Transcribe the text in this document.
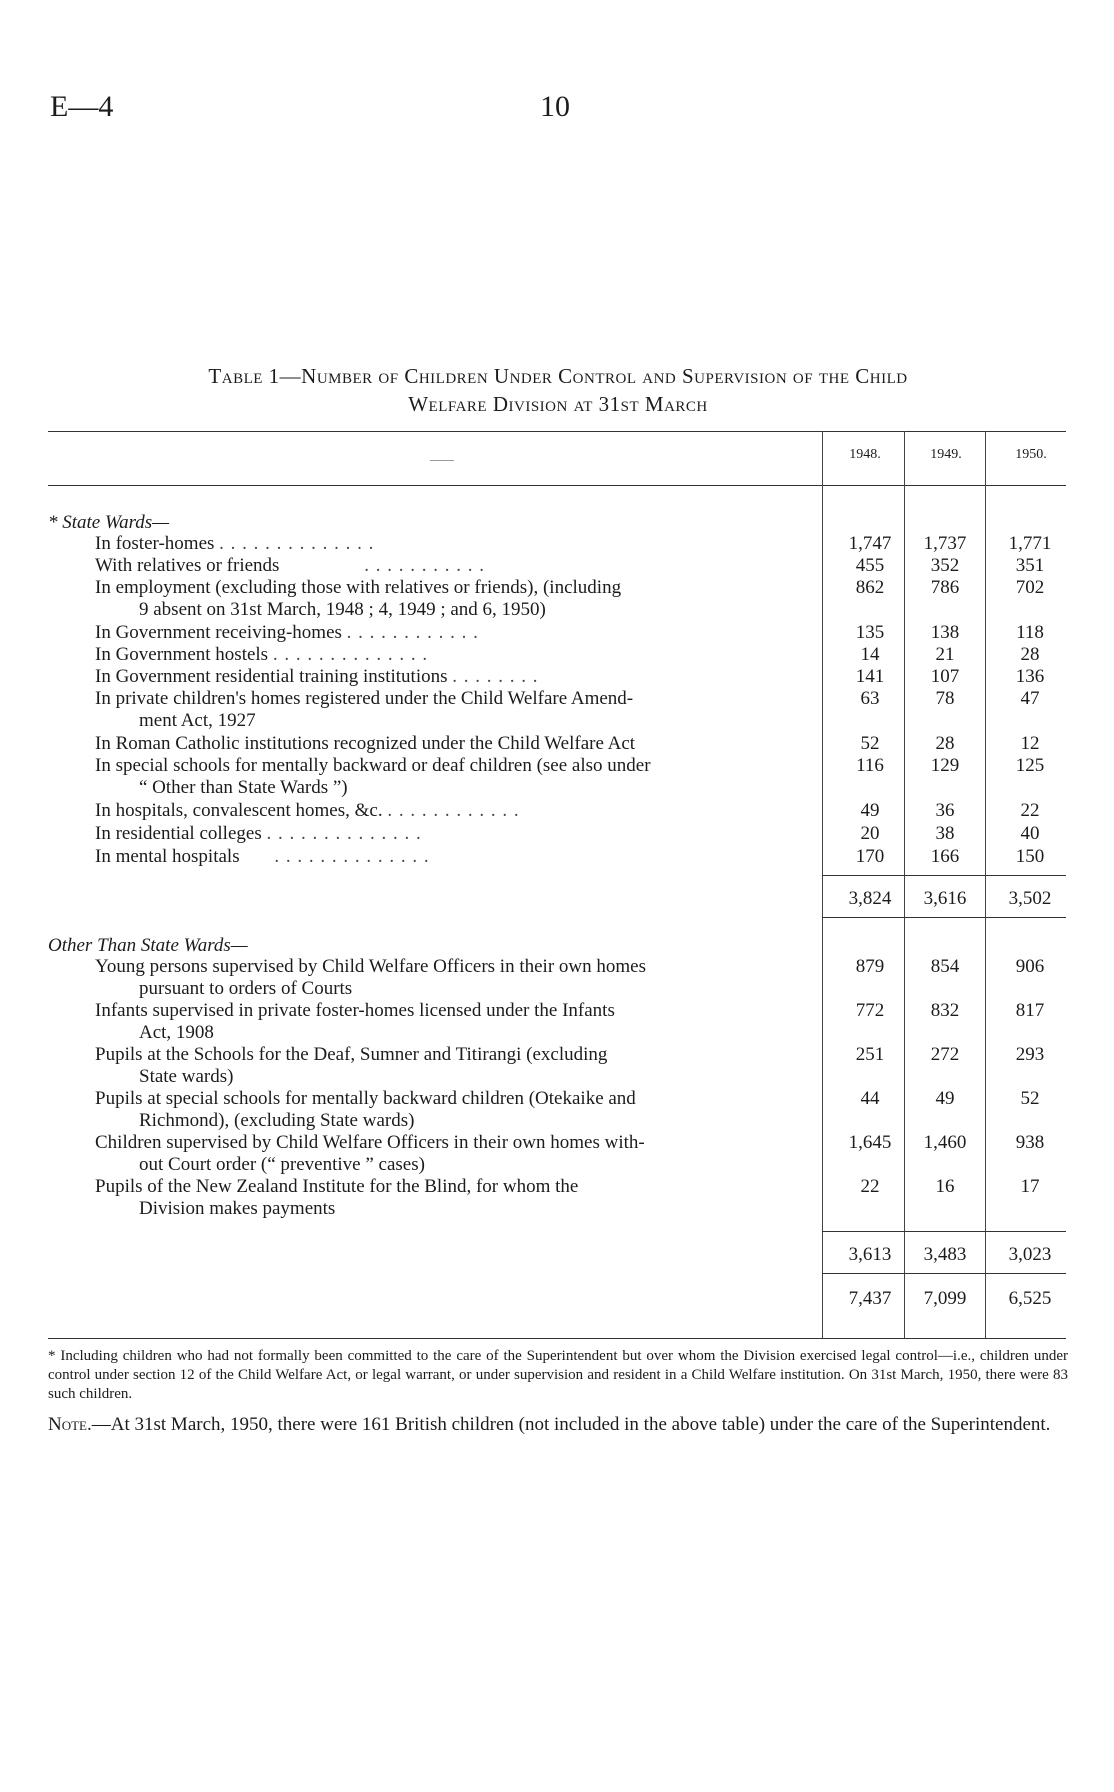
E—4	10
Table 1—Number of Children Under Control and Supervision of the Child
Welfare Division at 31st March
——	1948.	1949.	1950.
* State Wards—
In foster-homes . . . . . . . . . . . . . .	1,747	1,737	1,771
With relatives or friends	. . . . . . . . . . .	455	352	351
In employment (excluding those with relatives or friends), (including
9 absent on 31st March, 1948 ; 4, 1949 ; and 6, 1950)
862	786	702
In Government receiving-homes . . . . . . . . . . . .	135	138	118
In Government hostels . . . . . . . . . . . . . .	14	21	28
In Government residential training institutions . . . . . . . .	141	107	136
In private children's homes registered under the Child Welfare Amend-
ment Act, 1927
63	78	47
In Roman Catholic institutions recognized under the Child Welfare Act	52	28	12
In special schools for mentally backward or deaf children (see also under
“ Other than State Wards ”)
116	129	125
In hospitals, convalescent homes, &c. . . . . . . . . . . . .	49	36	22
In residential colleges . . . . . . . . . . . . . .	20	38	40
In mental hospitals . . . . . . . . . . . . . .	170	166	150
3,824	3,616	3,502
Other Than State Wards—
Young persons supervised by Child Welfare Officers in their own homes
pursuant to orders of Courts
879	854	906
Infants supervised in private foster-homes licensed under the Infants
Act, 1908
772	832	817
Pupils at the Schools for the Deaf, Sumner and Titirangi (excluding
State wards)
251	272	293
Pupils at special schools for mentally backward children (Otekaike and
Richmond), (excluding State wards)
44	49	52
Children supervised by Child Welfare Officers in their own homes with-
out Court order (“ preventive ” cases)
1,645	1,460	938
Pupils of the New Zealand Institute for the Blind, for whom the
Division makes payments
22	16	17
3,613	3,483	3,023
7,437	7,099	6,525
* Including children who had not formally been committed to the care of the Superintendent but over whom the Division exercised legal control—i.e., children under control under section 12 of the Child Welfare Act, or legal warrant, or under supervision and resident in a Child Welfare institution. On 31st March, 1950, there were 83 such children.
Note.—At 31st March, 1950, there were 161 British children (not included in the above table) under the care of the Superintendent.
